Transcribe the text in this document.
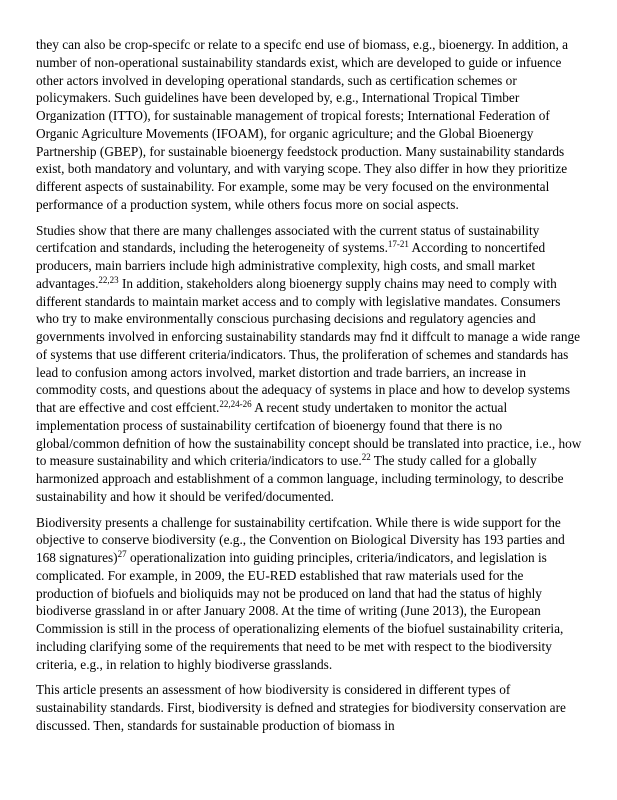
they can also be crop-specifc or relate to a specifc end use of biomass, e.g., bioenergy. In addition, a number of non-operational sustainability standards exist, which are developed to guide or infuence other actors involved in developing operational standards, such as certification schemes or policymakers. Such guidelines have been developed by, e.g., International Tropical Timber Organization (ITTO), for sustainable management of tropical forests; International Federation of Organic Agriculture Movements (IFOAM), for organic agriculture; and the Global Bioenergy Partnership (GBEP), for sustainable bioenergy feedstock production. Many sustainability standards exist, both mandatory and voluntary, and with varying scope. They also differ in how they prioritize different aspects of sustainability. For example, some may be very focused on the environmental performance of a production system, while others focus more on social aspects.

Studies show that there are many challenges associated with the current status of sustainability certifcation and standards, including the heterogeneity of systems.$^{17-21}$ According to noncertifed producers, main barriers include high administrative complexity, high costs, and small market advantages.$^{22,23}$ In addition, stakeholders along bioenergy supply chains may need to comply with different standards to maintain market access and to comply with legislative mandates. Consumers who try to make environmentally conscious purchasing decisions and regulatory agencies and governments involved in enforcing sustainability standards may fnd it diffcult to manage a wide range of systems that use different criteria/indicators. Thus, the proliferation of schemes and standards has lead to confusion among actors involved, market distortion and trade barriers, an increase in commodity costs, and questions about the adequacy of systems in place and how to develop systems that are effective and cost effcient.$^{22,24-26}$ A recent study undertaken to monitor the actual implementation process of sustainability certifcation of bioenergy found that there is no global/common defnition of how the sustainability concept should be translated into practice, i.e., how to measure sustainability and which criteria/indicators to use.$^{22}$ The study called for a globally harmonized approach and establishment of a common language, including terminology, to describe sustainability and how it should be verifed/documented.

Biodiversity presents a challenge for sustainability certifcation. While there is wide support for the objective to conserve biodiversity (e.g., the Convention on Biological Diversity has 193 parties and 168 signatures)$^{27}$ operationalization into guiding principles, criteria/indicators, and legislation is complicated. For example, in 2009, the EU-RED established that raw materials used for the production of biofuels and bioliquids may not be produced on land that had the status of highly biodiverse grassland in or after January 2008. At the time of writing (June 2013), the European Commission is still in the process of operationalizing elements of the biofuel sustainability criteria, including clarifying some of the requirements that need to be met with respect to the biodiversity criteria, e.g., in relation to highly biodiverse grasslands.

This article presents an assessment of how biodiversity is considered in different types of sustainability standards. First, biodiversity is defned and strategies for biodiversity conservation are discussed. Then, standards for sustainable production of biomass in
